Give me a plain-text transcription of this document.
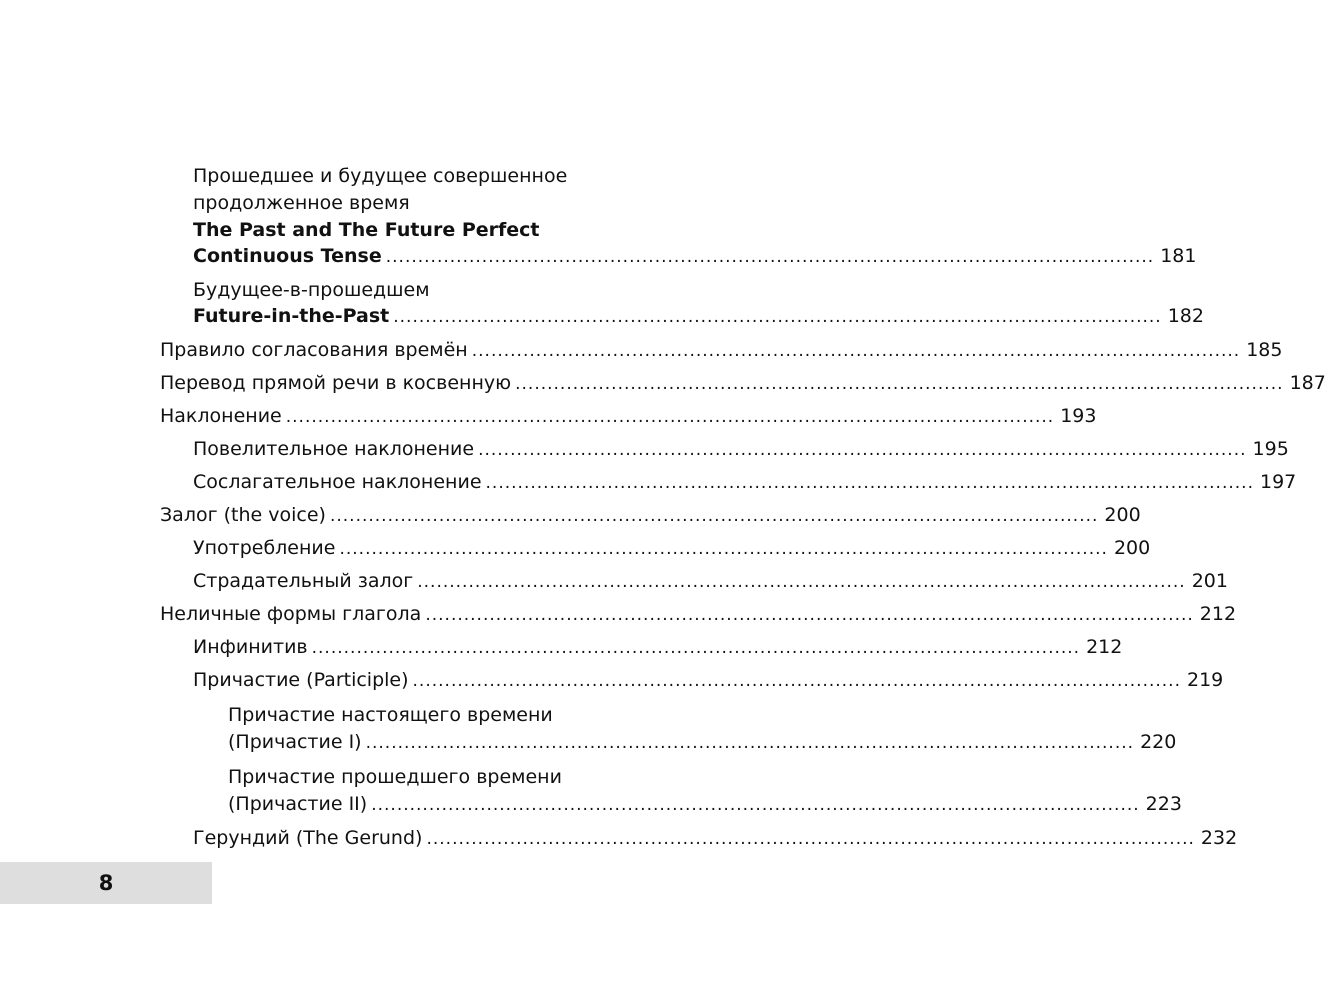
Прошедшее и будущее совершенное
продолженное время
The Past and The Future Perfect
Continuous Tense ........................................................................................................................ 181
Будущее-в-прошедшем
Future-in-the-Past ........................................................................................................................ 182
Правило согласования времён ........................................................................................................................ 185
Перевод прямой речи в косвенную ........................................................................................................................ 187
Наклонение ........................................................................................................................ 193
Повелительное наклонение ........................................................................................................................ 195
Сослагательное наклонение ........................................................................................................................ 197
Залог (the voice) ........................................................................................................................ 200
Употребление ........................................................................................................................ 200
Страдательный залог ........................................................................................................................ 201
Неличные формы глагола ........................................................................................................................ 212
Инфинитив ........................................................................................................................ 212
Причастие (Participle) ........................................................................................................................ 219
Причастие настоящего времени
(Причастие I) ........................................................................................................................ 220
Причастие прошедшего времени
(Причастие II) ........................................................................................................................ 223
Герундий (The Gerund) ........................................................................................................................ 232
8
